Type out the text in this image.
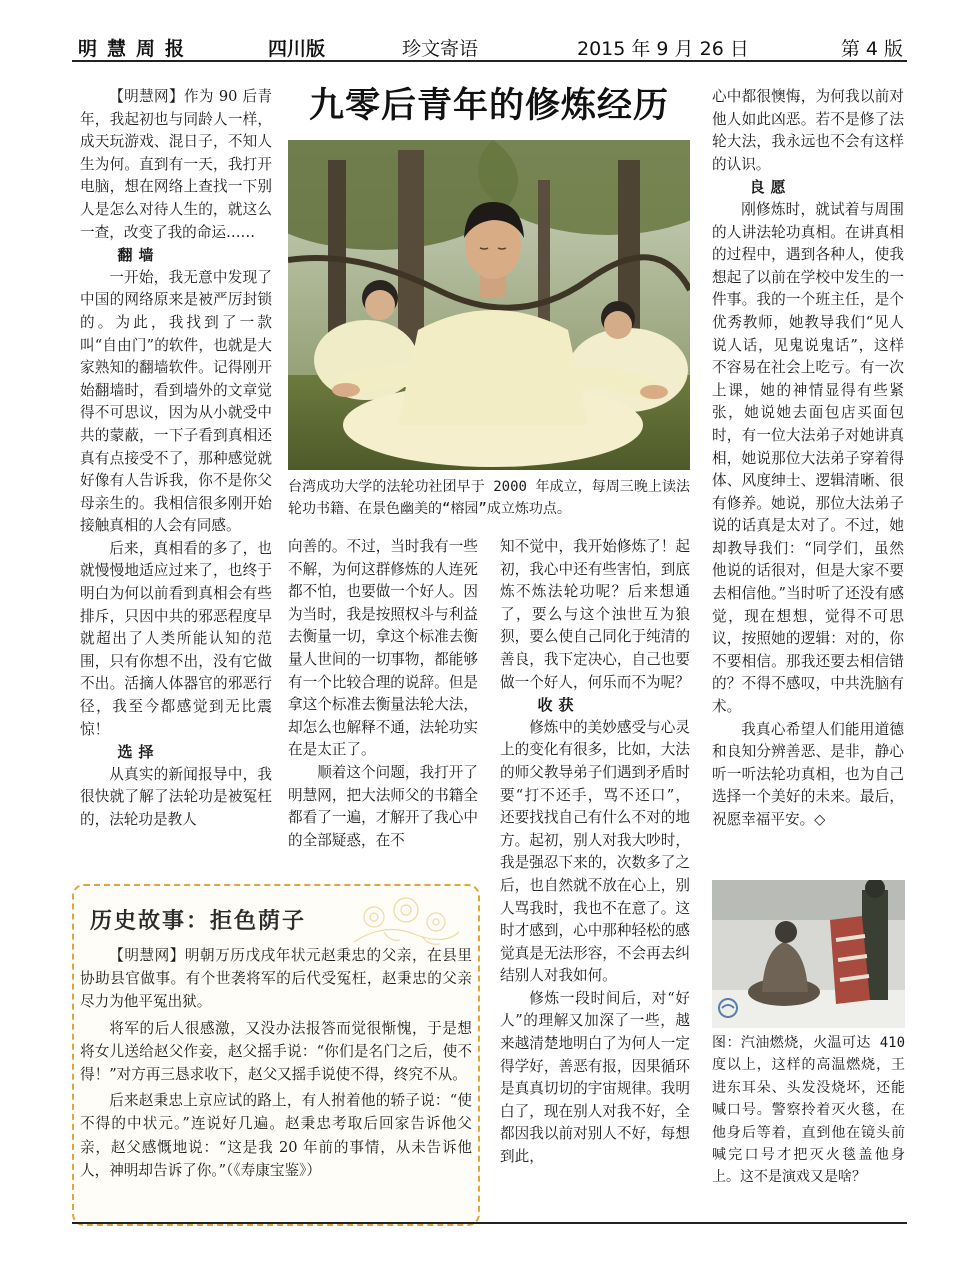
明慧周报	四川版	珍文寄语	2015 年 9 月 26 日	第 4 版

【明慧网】作为 90 后青年，我起初也与同龄人一样，成天玩游戏、混日子，不知人生为何。直到有一天，我打开电脑，想在网络上查找一下别人是怎么对待人生的，就这么一查，改变了我的命运……

翻墙

一开始，我无意中发现了中国的网络原来是被严厉封锁的。为此，我找到了一款叫“自由门”的软件，也就是大家熟知的翻墙软件。记得刚开始翻墙时，看到墙外的文章觉得不可思议，因为从小就受中共的蒙蔽，一下子看到真相还真有点接受不了，那种感觉就好像有人告诉我，你不是你父母亲生的。我相信很多刚开始接触真相的人会有同感。

后来，真相看的多了，也就慢慢地适应过来了，也终于明白为何以前看到真相会有些排斥，只因中共的邪恶程度早就超出了人类所能认知的范围，只有你想不出，没有它做不出。活摘人体器官的邪恶行径，我至今都感觉到无比震惊！

选择

从真实的新闻报导中，我很快就了解了法轮功是被冤枉的，法轮功是教人

九零后青年的修炼经历
台湾成功大学的法轮功社团早于 2000 年成立，每周三晚上读法轮功书籍、在景色幽美的“榕园”成立炼功点。

向善的。不过，当时我有一些不解，为何这群修炼的人连死都不怕，也要做一个好人。因为当时，我是按照权斗与利益去衡量一切，拿这个标准去衡量人世间的一切事物，都能够有一个比较合理的说辞。但是拿这个标准去衡量法轮大法，却怎么也解释不通，法轮功实在是太正了。

顺着这个问题，我打开了明慧网，把大法师父的书籍全都看了一遍，才解开了我心中的全部疑惑，在不

知不觉中，我开始修炼了！起初，我心中还有些害怕，到底炼不炼法轮功呢？后来想通了，要么与这个浊世互为狼狈，要么使自己同化于纯清的善良，我下定决心，自己也要做一个好人，何乐而不为呢？

收获

修炼中的美妙感受与心灵上的变化有很多，比如，大法的师父教导弟子们遇到矛盾时要“打不还手，骂不还口”，还要找找自己有什么不对的地方。起初，别人对我大吵时，我是强忍下来的，次数多了之后，也自然就不放在心上，别人骂我时，我也不在意了。这时才感到，心中那种轻松的感觉真是无法形容，不会再去纠结别人对我如何。

修炼一段时间后，对“好人”的理解又加深了一些，越来越清楚地明白了为何人一定得学好，善恶有报，因果循环是真真切切的宇宙规律。我明白了，现在别人对我不好，全都因我以前对别人不好，每想到此，

心中都很懊悔，为何我以前对他人如此凶恶。若不是修了法轮大法，我永远也不会有这样的认识。

良愿

刚修炼时，就试着与周围的人讲法轮功真相。在讲真相的过程中，遇到各种人，使我想起了以前在学校中发生的一件事。我的一个班主任，是个优秀教师，她教导我们“见人说人话，见鬼说鬼话”，这样不容易在社会上吃亏。有一次上课，她的神情显得有些紧张，她说她去面包店买面包时，有一位大法弟子对她讲真相，她说那位大法弟子穿着得体、风度绅士、逻辑清晰、很有修养。她说，那位大法弟子说的话真是太对了。不过，她却教导我们：“同学们，虽然他说的话很对，但是大家不要去相信他。”当时听了还没有感觉，现在想想，觉得不可思议，按照她的逻辑：对的，你不要相信。那我还要去相信错的？不得不感叹，中共洗脑有术。

我真心希望人们能用道德和良知分辨善恶、是非，静心听一听法轮功真相，也为自己选择一个美好的未来。最后，祝愿幸福平安。◇

历史故事：拒色荫子

【明慧网】明朝万历戊戌年状元赵秉忠的父亲，在县里协助县官做事。有个世袭将军的后代受冤枉，赵秉忠的父亲尽力为他平冤出狱。

将军的后人很感激，又没办法报答而觉很惭愧，于是想将女儿送给赵父作妾，赵父摇手说：“你们是名门之后，使不得！”对方再三恳求收下，赵父又摇手说使不得，终究不从。

后来赵秉忠上京应试的路上，有人拊着他的轿子说：“使不得的中状元。”连说好几遍。赵秉忠考取后回家告诉他父亲，赵父感慨地说：“这是我 20 年前的事情，从未告诉他人，神明却告诉了你。”（《寿康宝鉴》）

图：汽油燃烧，火温可达 410 度以上，这样的高温燃烧，王进东耳朵、头发没烧坏，还能喊口号。警察拎着灭火毯，在他身后等着，直到他在镜头前喊完口号才把灭火毯盖他身上。这不是演戏又是啥？
